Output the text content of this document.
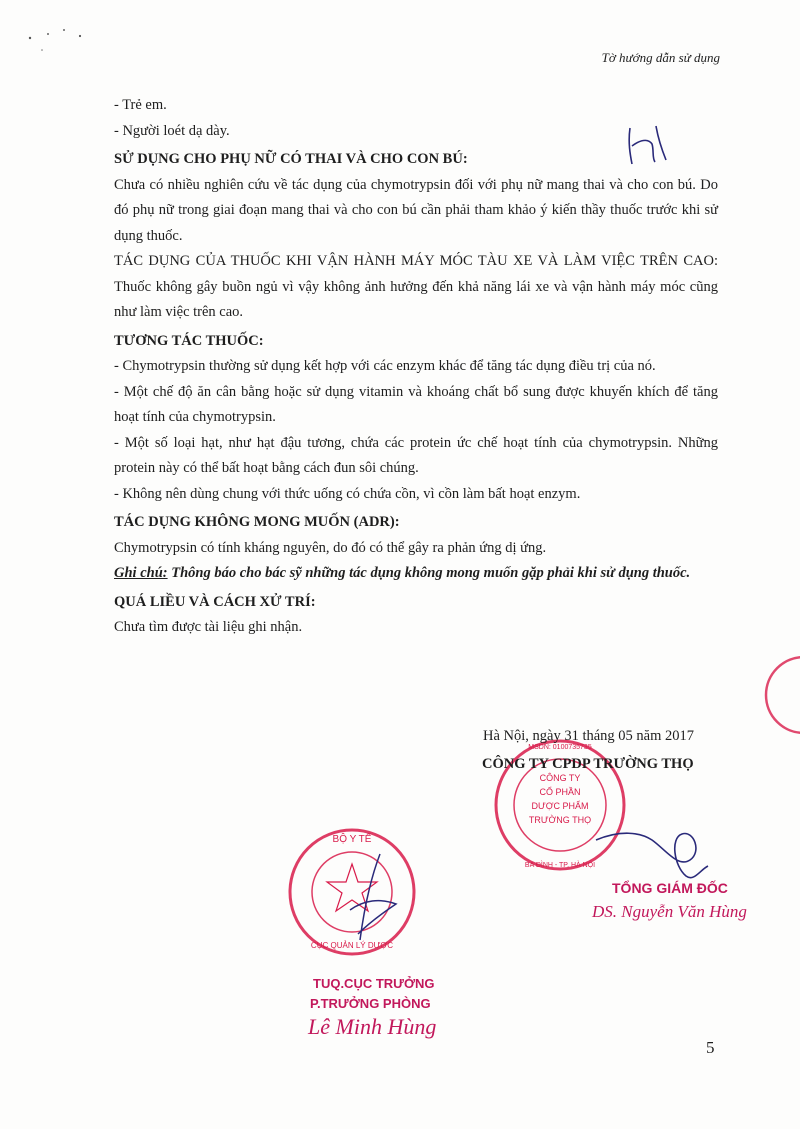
Tờ hướng dẫn sử dụng

- Trẻ em.

- Người loét dạ dày.

SỬ DỤNG CHO PHỤ NỮ CÓ THAI VÀ CHO CON BÚ:

Chưa có nhiều nghiên cứu về tác dụng của chymotrypsin đối với phụ nữ mang thai và cho con bú. Do đó phụ nữ trong giai đoạn mang thai và cho con bú cần phải tham khảo ý kiến thầy thuốc trước khi sử dụng thuốc.

TÁC DỤNG CỦA THUỐC KHI VẬN HÀNH MÁY MÓC TÀU XE VÀ LÀM VIỆC TRÊN CAO: Thuốc không gây buồn ngủ vì vậy không ảnh hưởng đến khả năng lái xe và vận hành máy móc cũng như làm việc trên cao.

TƯƠNG TÁC THUỐC:

- Chymotrypsin thường sử dụng kết hợp với các enzym khác để tăng tác dụng điều trị của nó.

- Một chế độ ăn cân bằng hoặc sử dụng vitamin và khoáng chất bổ sung được khuyến khích để tăng hoạt tính của chymotrypsin.

- Một số loại hạt, như hạt đậu tương, chứa các protein ức chế hoạt tính của chymotrypsin. Những protein này có thể bất hoạt bằng cách đun sôi chúng.

- Không nên dùng chung với thức uống có chứa cồn, vì cồn làm bất hoạt enzym.

TÁC DỤNG KHÔNG MONG MUỐN (ADR):

Chymotrypsin có tính kháng nguyên, do đó có thể gây ra phản ứng dị ứng.

Ghi chú: Thông báo cho bác sỹ những tác dụng không mong muốn gặp phải khi sử dụng thuốc.

QUÁ LIỀU VÀ CÁCH XỬ TRÍ:

Chưa tìm được tài liệu ghi nhận.

CÔNG TY
CỔ PHẦN
DƯỢC PHẨM
TRƯỜNG THỌ
MSDN: 0100735735
BA ĐÌNH - TP. HÀ NỘI
Hà Nội, ngày 31 tháng 05 năm 2017
CÔNG TY CPDP TRƯỜNG THỌ
TỔNG GIÁM ĐỐC
DS. Nguyễn Văn Hùng
BỘ Y TẾ
CỤC QUẢN LÝ DƯỢC
TUQ.CỤC TRƯỞNG
P.TRƯỞNG PHÒNG
Lê Minh Hùng
5
